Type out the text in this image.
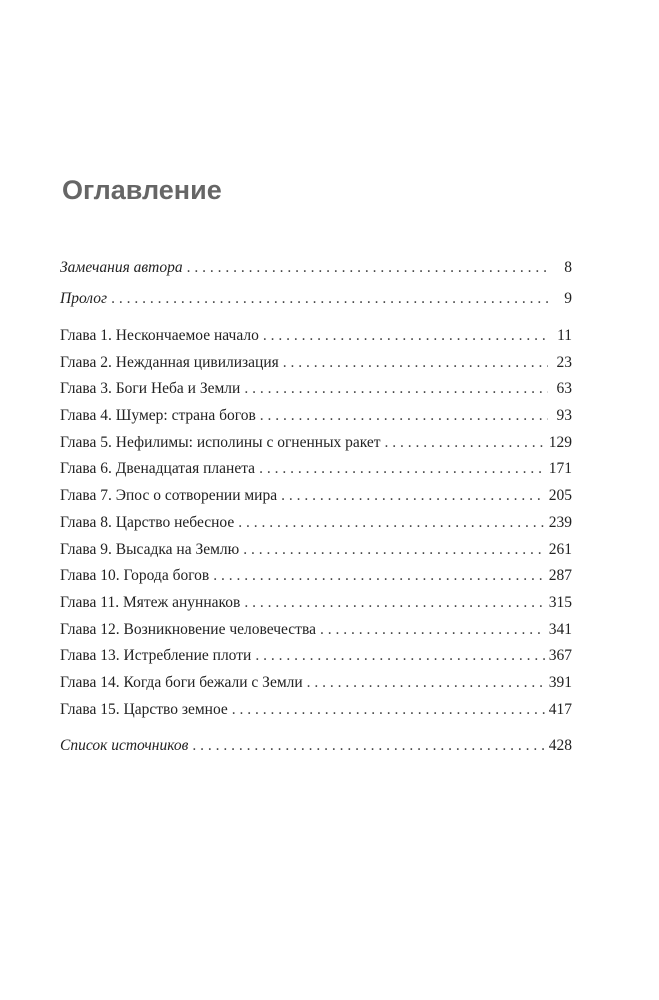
Оглавление
Замечания автора . . .	8
Пролог . . .	9
Глава 1. Нескончаемое начало . . .	11
Глава 2. Нежданная цивилизация . . .	23
Глава 3. Боги Неба и Земли . . .	63
Глава 4. Шумер: страна богов . . .	93
Глава 5. Нефилимы: исполины с огненных ракет . . .	129
Глава 6. Двенадцатая планета . . .	171
Глава 7. Эпос о сотворении мира . . .	205
Глава 8. Царство небесное . . .	239
Глава 9. Высадка на Землю . . .	261
Глава 10. Города богов . . .	287
Глава 11. Мятеж ануннаков . . .	315
Глава 12. Возникновение человечества . . .	341
Глава 13. Истребление плоти . . .	367
Глава 14. Когда боги бежали с Земли . . .	391
Глава 15. Царство земное . . .	417
Список источников . . .	428
